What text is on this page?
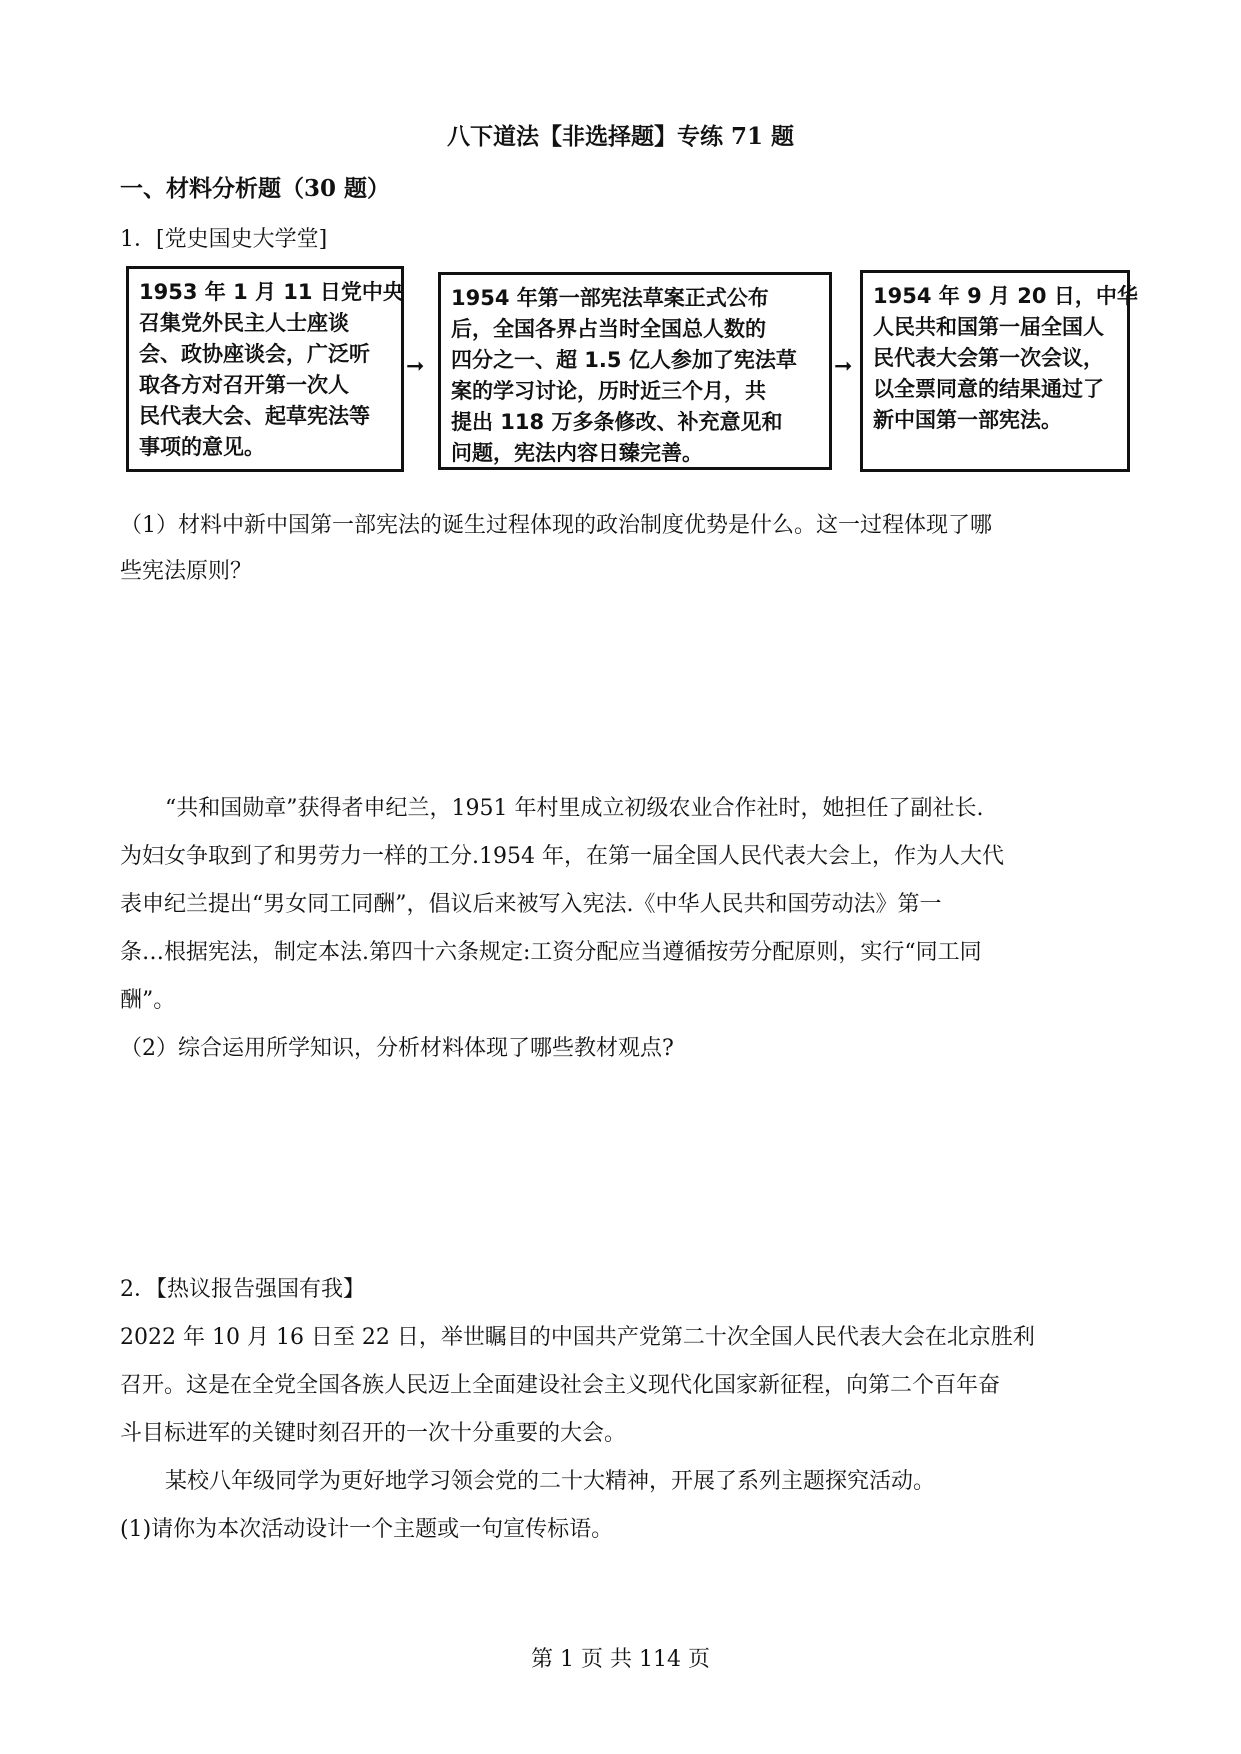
八下道法【非选择题】专练 71 题
一、材料分析题（30 题）
1．[党史国史大学堂]
1953 年 1 月 11 日党中央
召集党外民主人士座谈
会、政协座谈会，广泛听
取各方对召开第一次人
民代表大会、起草宪法等
事项的意见。
➞
1954 年第一部宪法草案正式公布
后，全国各界占当时全国总人数的
四分之一、超 1.5 亿人参加了宪法草
案的学习讨论，历时近三个月，共
提出 118 万多条修改、补充意见和
问题，宪法内容日臻完善。
➞
1954 年 9 月 20 日，中华
人民共和国第一届全国人
民代表大会第一次会议，
以全票同意的结果通过了
新中国第一部宪法。
（1）材料中新中国第一部宪法的诞生过程体现的政治制度优势是什么。这一过程体现了哪
些宪法原则？
“共和国勋章”获得者申纪兰，1951 年村里成立初级农业合作社时，她担任了副社长.
为妇女争取到了和男劳力一样的工分.1954 年，在第一届全国人民代表大会上，作为人大代
表申纪兰提出“男女同工同酬”，倡议后来被写入宪法.《中华人民共和国劳动法》第一
条…根据宪法，制定本法.第四十六条规定:工资分配应当遵循按劳分配原则，实行“同工同
酬”。
（2）综合运用所学知识，分析材料体现了哪些教材观点?
2．【热议报告强国有我】
2022 年 10 月 16 日至 22 日，举世瞩目的中国共产党第二十次全国人民代表大会在北京胜利
召开。这是在全党全国各族人民迈上全面建设社会主义现代化国家新征程，向第二个百年奋
斗目标进军的关键时刻召开的一次十分重要的大会。
某校八年级同学为更好地学习领会党的二十大精神，开展了系列主题探究活动。
(1)请你为本次活动设计一个主题或一句宣传标语。
第 1 页 共 114 页
